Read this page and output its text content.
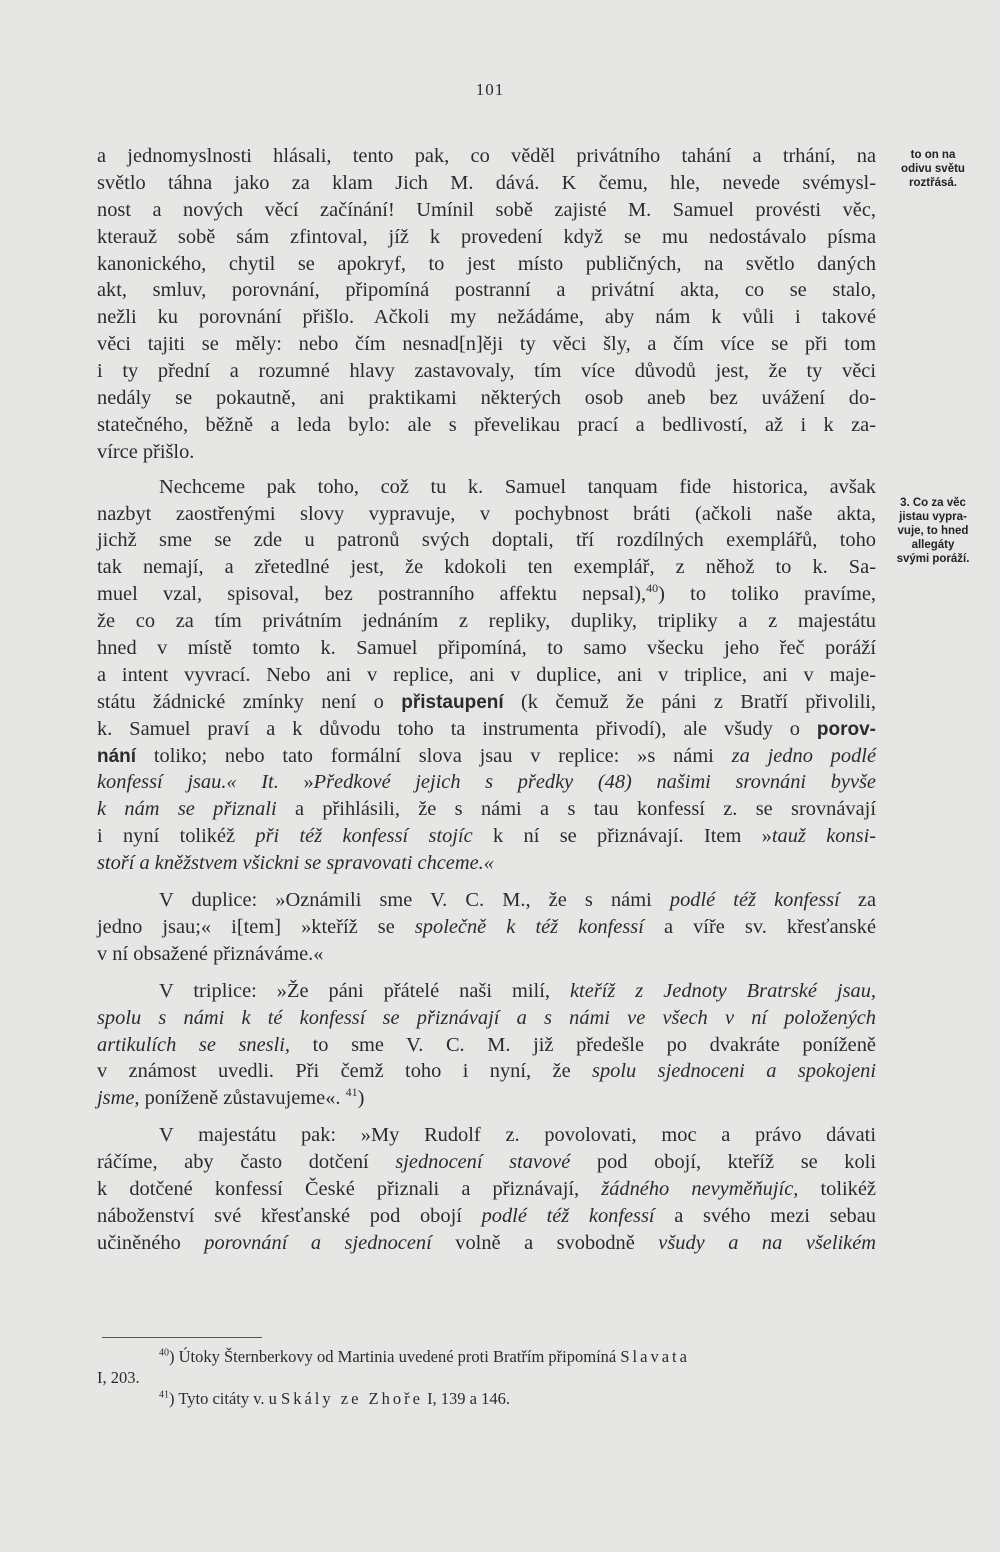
101
a jednomyslnosti hlásali, tento pak, co věděl privátního tahání a trhání, na
světlo táhna jako za klam Jich M. dává. K čemu, hle, nevede svémysl-
nost a nových věcí začínání! Umínil sobě zajisté M. Samuel provésti věc,
kterauž sobě sám zfintoval, jíž k provedení když se mu nedostávalo písma
kanonického, chytil se apokryf, to jest místo publičných, na světlo daných
akt, smluv, porovnání, připomíná postranní a privátní akta, co se stalo,
nežli ku porovnání přišlo. Ačkoli my nežádáme, aby nám k vůli i takové
věci tajiti se měly: nebo čím nesnad[n]ěji ty věci šly, a čím více se při tom
i ty přední a rozumné hlavy zastavovaly, tím více důvodů jest, že ty věci
nedály se pokautně, ani praktikami některých osob aneb bez uvážení do-
statečného, běžně a leda bylo: ale s převelikau prací a bedlivostí, až i k za-
vírce přišlo.
Nechceme pak toho, což tu k. Samuel tanquam fide historica, avšak
nazbyt zaostřenými slovy vypravuje, v pochybnost bráti (ačkoli naše akta,
jichž sme se zde u patronů svých doptali, tří rozdílných exemplářů, toho
tak nemají, a zřetedlné jest, že kdokoli ten exemplář, z něhož to k. Sa-
muel vzal, spisoval, bez postranního affektu nepsal),$^{40}$) to toliko pravíme,
že co za tím privátním jednáním z repliky, dupliky, tripliky a z majestátu
hned v místě tomto k. Samuel připomíná, to samo všecku jeho řeč poráží
a intent vyvrací. Nebo ani v replice, ani v duplice, ani v triplice, ani v maje-
státu žádnické zmínky není o přistaupení (k čemuž že páni z Bratří přivolili,
k. Samuel praví a k důvodu toho ta instrumenta přivodí), ale všudy o porov-
nání toliko; nebo tato formální slova jsau v replice: »s námi za jedno podlé
konfessí jsau.« It. »Předkové jejich s předky (48) našimi srovnáni byvše
k nám se přiznali a přihlásili, že s námi a s tau konfessí z. se srovnávají
i nyní tolikéž při též konfessí stojíc k ní se přiznávají. Item »tauž konsi-
stoří a kněžstvem všickni se spravovati chceme.«
V duplice: »Oznámili sme V. C. M., že s námi podlé též konfessí za
jedno jsau;« i[tem] »kteříž se společně k též konfessí a víře sv. křesťanské
v ní obsažené přiznáváme.«
V triplice: »Že páni přátelé naši milí, kteříž z Jednoty Bratrské jsau,
spolu s námi k té konfessí se přiznávají a s námi ve všech v ní položených
artikulích se snesli, to sme V. C. M. již předešle po dvakráte poníženě
v známost uvedli. Při čemž toho i nyní, že spolu sjednoceni a spokojeni
jsme, poníženě zůstavujeme«. $^{41}$)
V majestátu pak: »My Rudolf z. povolovati, moc a právo dávati
ráčíme, aby často dotčení sjednocení stavové pod obojí, kteříž se koli
k dotčené konfessí České přiznali a přiznávají, žádného nevyměňujíc, tolikéž
náboženství své křesťanské pod obojí podlé též konfessí a svého mezi sebau
učiněného porovnání a sjednocení volně a svobodně všudy a na všelikém
to on na
odivu světu
roztřásá.
3. Co za věc
jistau vypra-
vuje, to hned
allegáty
svými poráží.
$^{40}$) Útoky Šternberkovy od Martinia uvedené proti Bratřím připomíná Slavata
I, 203.
$^{41}$) Tyto citáty v. u Skály ze Zhoře I, 139 a 146.
